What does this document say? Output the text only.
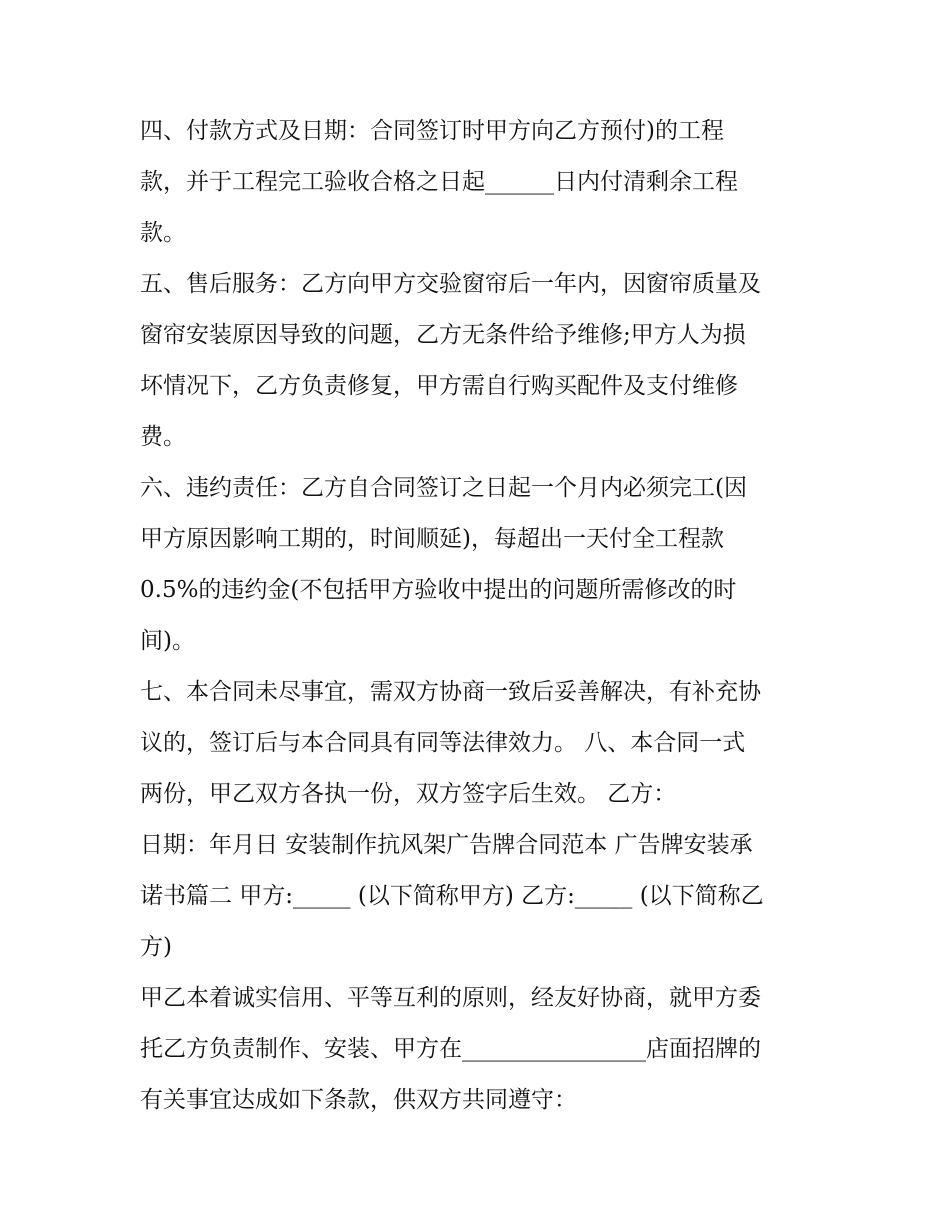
四、付款方式及日期：合同签订时甲方向乙方预付)的工程
款，并于工程完工验收合格之日起______日内付清剩余工程
款。
五、售后服务：乙方向甲方交验窗帘后一年内，因窗帘质量及
窗帘安装原因导致的问题，乙方无条件给予维修;甲方人为损
坏情况下，乙方负责修复，甲方需自行购买配件及支付维修
费。
六、违约责任：乙方自合同签订之日起一个月内必须完工(因
甲方原因影响工期的，时间顺延)，每超出一天付全工程款
0.5%的违约金(不包括甲方验收中提出的问题所需修改的时
间)。
七、本合同未尽事宜，需双方协商一致后妥善解决，有补充协
议的，签订后与本合同具有同等法律效力。 八、本合同一式
两份，甲乙双方各执一份，双方签字后生效。 乙方：
日期：年月日 安装制作抗风架广告牌合同范本 广告牌安装承
诺书篇二 甲方:_____ (以下简称甲方) 乙方:_____ (以下简称乙
方)
甲乙本着诚实信用、平等互利的原则，经友好协商，就甲方委
托乙方负责制作、安装、甲方在________________店面招牌的
有关事宜达成如下条款，供双方共同遵守：
